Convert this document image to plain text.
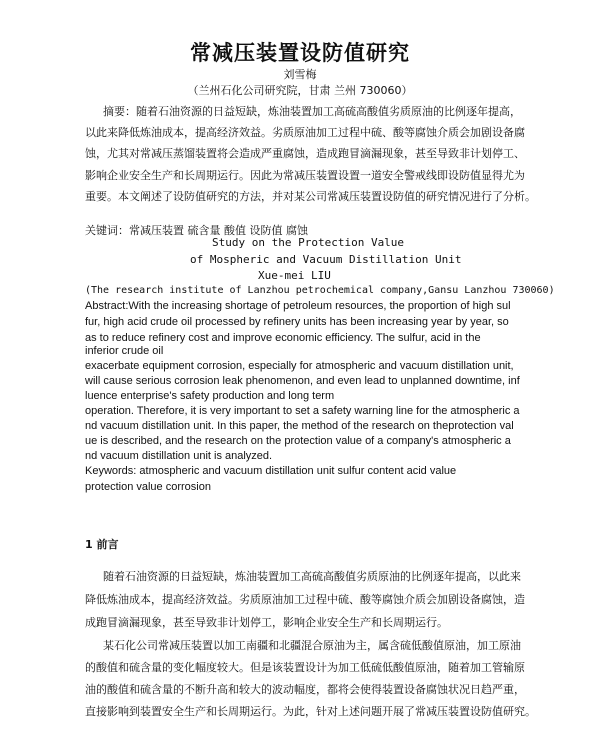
常减压装置设防值研究

刘雪梅

（兰州石化公司研究院，甘肃 兰州 730060）

摘要：随着石油资源的日益短缺，炼油装置加工高硫高酸值劣质原油的比例逐年提高，

以此来降低炼油成本，提高经济效益。劣质原油加工过程中硫、酸等腐蚀介质会加剧设备腐

蚀，尤其对常减压蒸馏装置将会造成严重腐蚀，造成跑冒滴漏现象，甚至导致非计划停工、

影响企业安全生产和长周期运行。因此为常减压装置设置一道安全警戒线即设防值显得尤为

重要。本文阐述了设防值研究的方法，并对某公司常减压装置设防值的研究情况进行了分析。

关键词：常减压装置 硫含量 酸值 设防值 腐蚀

Study on the Protection Value

of Mospheric and Vacuum Distillation Unit

Xue-mei LIU

(The research institute of Lanzhou petrochemical company,Gansu Lanzhou 730060)

Abstract:With the increasing shortage of petroleum resources, the proportion of high sul

fur, high acid crude oil processed by refinery units has been increasing year by year, so

as to reduce refinery cost and improve economic efficiency. The sulfur, acid in the

inferior crude oil

exacerbate equipment corrosion, especially for atmospheric and vacuum distillation unit,

will cause serious corrosion leak phenomenon, and even lead to unplanned downtime, inf

luence enterprise's safety production and long term

operation. Therefore, it is very important to set a safety warning line for the atmospheric a

nd vacuum distillation unit. In this paper, the method of the research on theprotection val

ue is described, and the research on the protection value of a company's atmospheric a

nd vacuum distillation unit is analyzed.

Keywords: atmospheric and vacuum distillation unit sulfur content acid value

protection value corrosion

1 前言

随着石油资源的日益短缺，炼油装置加工高硫高酸值劣质原油的比例逐年提高，以此来

降低炼油成本，提高经济效益。劣质原油加工过程中硫、酸等腐蚀介质会加剧设备腐蚀，造

成跑冒滴漏现象，甚至导致非计划停工，影响企业安全生产和长周期运行。

某石化公司常减压装置以加工南疆和北疆混合原油为主，属含硫低酸值原油，加工原油

的酸值和硫含量的变化幅度较大。但是该装置设计为加工低硫低酸值原油，随着加工管输原

油的酸值和硫含量的不断升高和较大的波动幅度，都将会使得装置设备腐蚀状况日趋严重，

直接影响到装置安全生产和长周期运行。为此，针对上述问题开展了常减压装置设防值研究。
